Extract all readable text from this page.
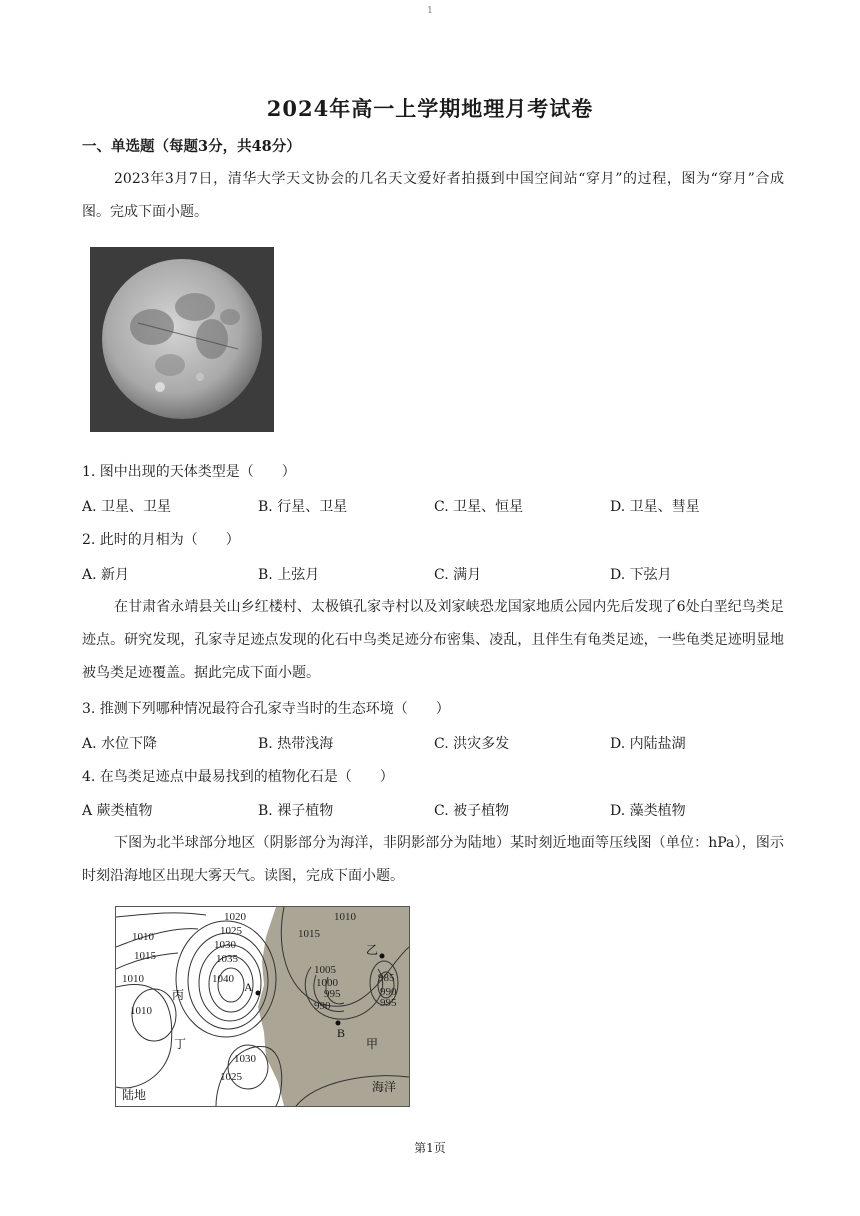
1
2024年高一上学期地理月考试卷
一、单选题（每题3分，共48分）
2023年3月7日，清华大学天文协会的几名天文爱好者拍摄到中国空间站“穿月”的过程，图为“穿月”合成图。完成下面小题。
1. 图中出现的天体类型是（　　）
A. 卫星、卫星	B. 行星、卫星	C. 卫星、恒星	D. 卫星、彗星
2. 此时的月相为（　　）
A. 新月	B. 上弦月	C. 满月	D. 下弦月
在甘肃省永靖县关山乡红楼村、太极镇孔家寺村以及刘家峡恐龙国家地质公园内先后发现了6处白垩纪鸟类足迹点。研究发现，孔家寺足迹点发现的化石中鸟类足迹分布密集、凌乱，且伴生有龟类足迹，一些龟类足迹明显地被鸟类足迹覆盖。据此完成下面小题。
3. 推测下列哪种情况最符合孔家寺当时的生态环境（　　）
A. 水位下降	B. 热带浅海	C. 洪灾多发	D. 内陆盐湖
4. 在鸟类足迹点中最易找到的植物化石是（　　）
A 蕨类植物	B. 裸子植物	C. 被子植物	D. 藻类植物
下图为北半球部分地区（阴影部分为海洋，非阴影部分为陆地）某时刻近地面等压线图（单位：hPa），图示时刻沿海地区出现大雾天气。读图，完成下面小题。
1020
1025
1030
1035
1040
1010
1015
1010
1010
1030
1025
1010
1015
1005
1000
995
990
985
990
995
A
B
乙
丙
丁	甲
陆地
海洋
第1页
